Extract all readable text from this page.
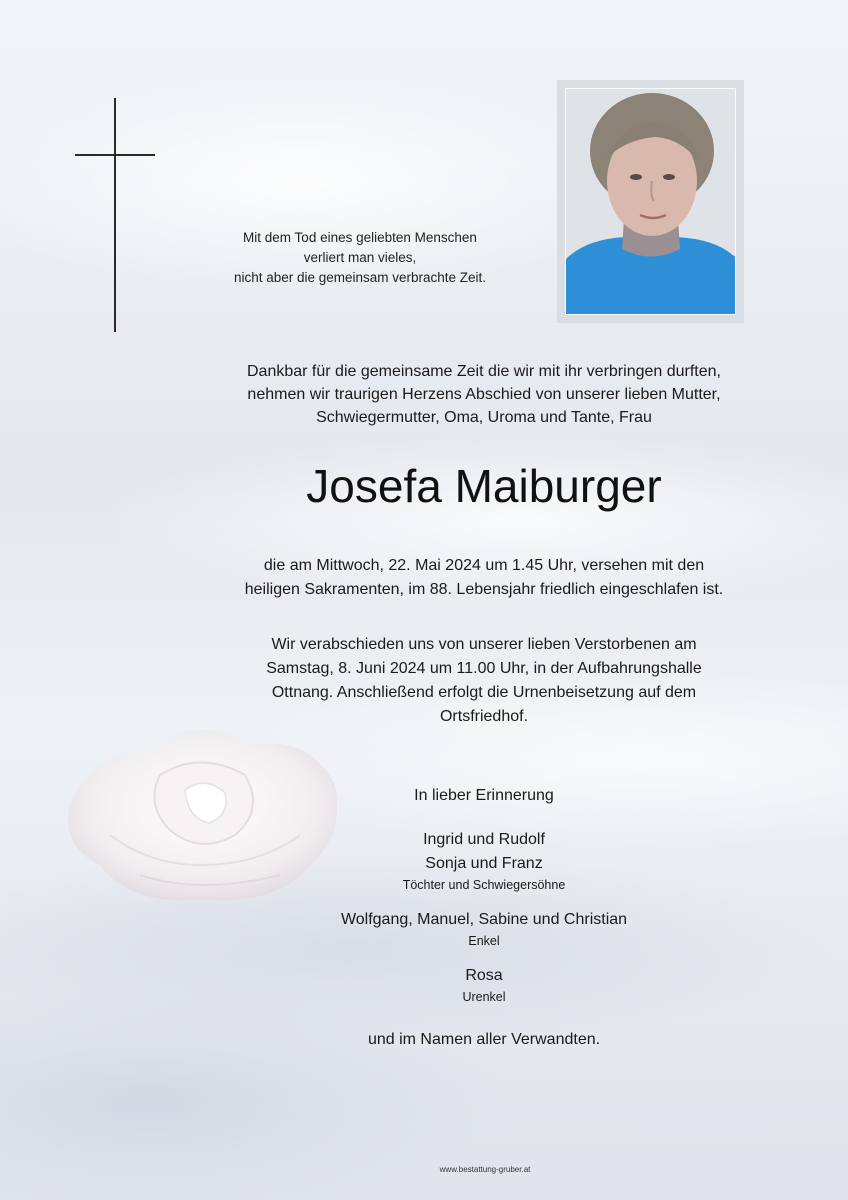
Mit dem Tod eines geliebten Menschen
verliert man vieles,
nicht aber die gemeinsam verbrachte Zeit.
Dankbar für die gemeinsame Zeit die wir mit ihr verbringen durften,
nehmen wir traurigen Herzens Abschied von unserer lieben Mutter,
Schwiegermutter, Oma, Uroma und Tante, Frau
Josefa Maiburger
die am Mittwoch, 22. Mai 2024 um 1.45 Uhr, versehen mit den
heiligen Sakramenten, im 88. Lebensjahr friedlich eingeschlafen ist.
Wir verabschieden uns von unserer lieben Verstorbenen am
Samstag, 8. Juni 2024 um 11.00 Uhr, in der Aufbahrungshalle
Ottnang. Anschließend erfolgt die Urnenbeisetzung auf dem
Ortsfriedhof.
In lieber Erinnerung
Ingrid und Rudolf
Sonja und Franz
Töchter und Schwiegersöhne
Wolfgang, Manuel, Sabine und Christian
Enkel
Rosa
Urenkel
und im Namen aller Verwandten.
www.bestattung-gruber.at
